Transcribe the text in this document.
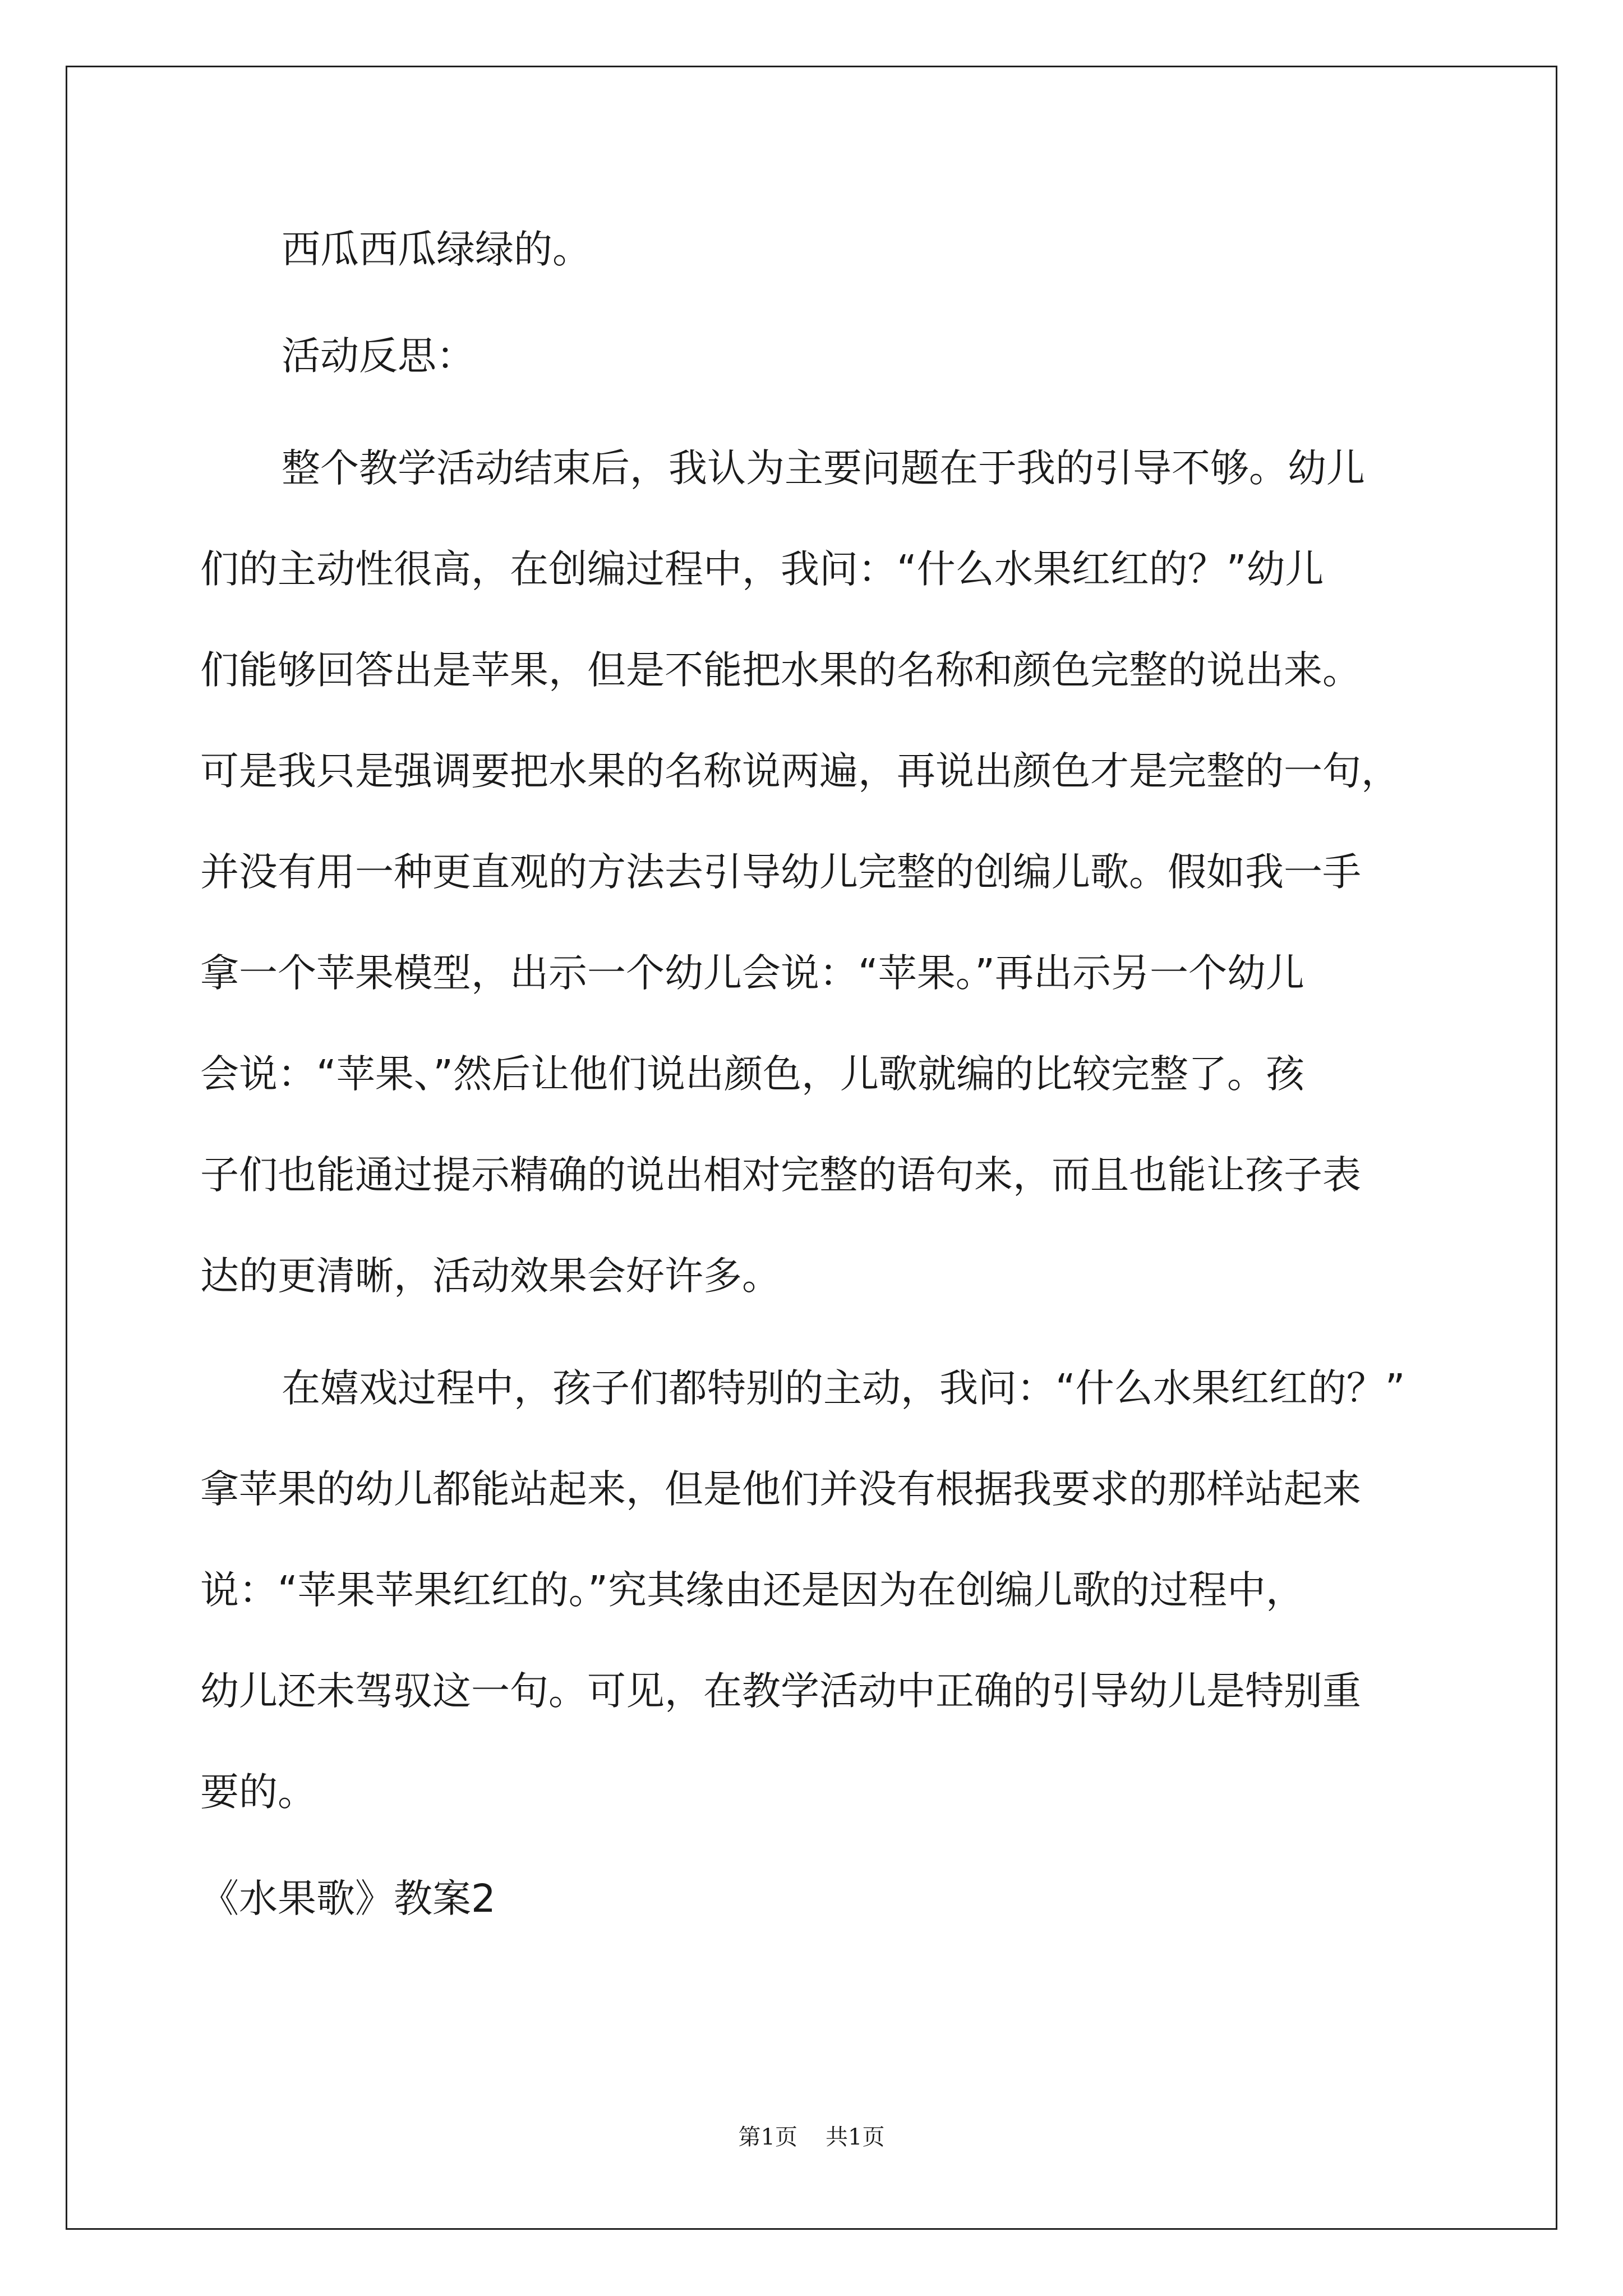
西瓜西瓜绿绿的。
活动反思：
整个教学活动结束后，我认为主要问题在于我的引导不够。幼儿
们的主动性很高，在创编过程中，我问：“什么水果红红的？”幼儿
们能够回答出是苹果，但是不能把水果的名称和颜色完整的说出来。
可是我只是强调要把水果的名称说两遍，再说出颜色才是完整的一句，
并没有用一种更直观的方法去引导幼儿完整的创编儿歌。假如我一手
拿一个苹果模型，出示一个幼儿会说：“苹果。”再出示另一个幼儿
会说：“苹果、”然后让他们说出颜色，儿歌就编的比较完整了。孩
子们也能通过提示精确的说出相对完整的语句来，而且也能让孩子表
达的更清晰，活动效果会好许多。
在嬉戏过程中，孩子们都特别的主动，我问：“什么水果红红的？”
拿苹果的幼儿都能站起来，但是他们并没有根据我要求的那样站起来
说：“苹果苹果红红的。”究其缘由还是因为在创编儿歌的过程中，
幼儿还未驾驭这一句。可见，在教学活动中正确的引导幼儿是特别重
要的。
《水果歌》教案2
第1页 共1页
